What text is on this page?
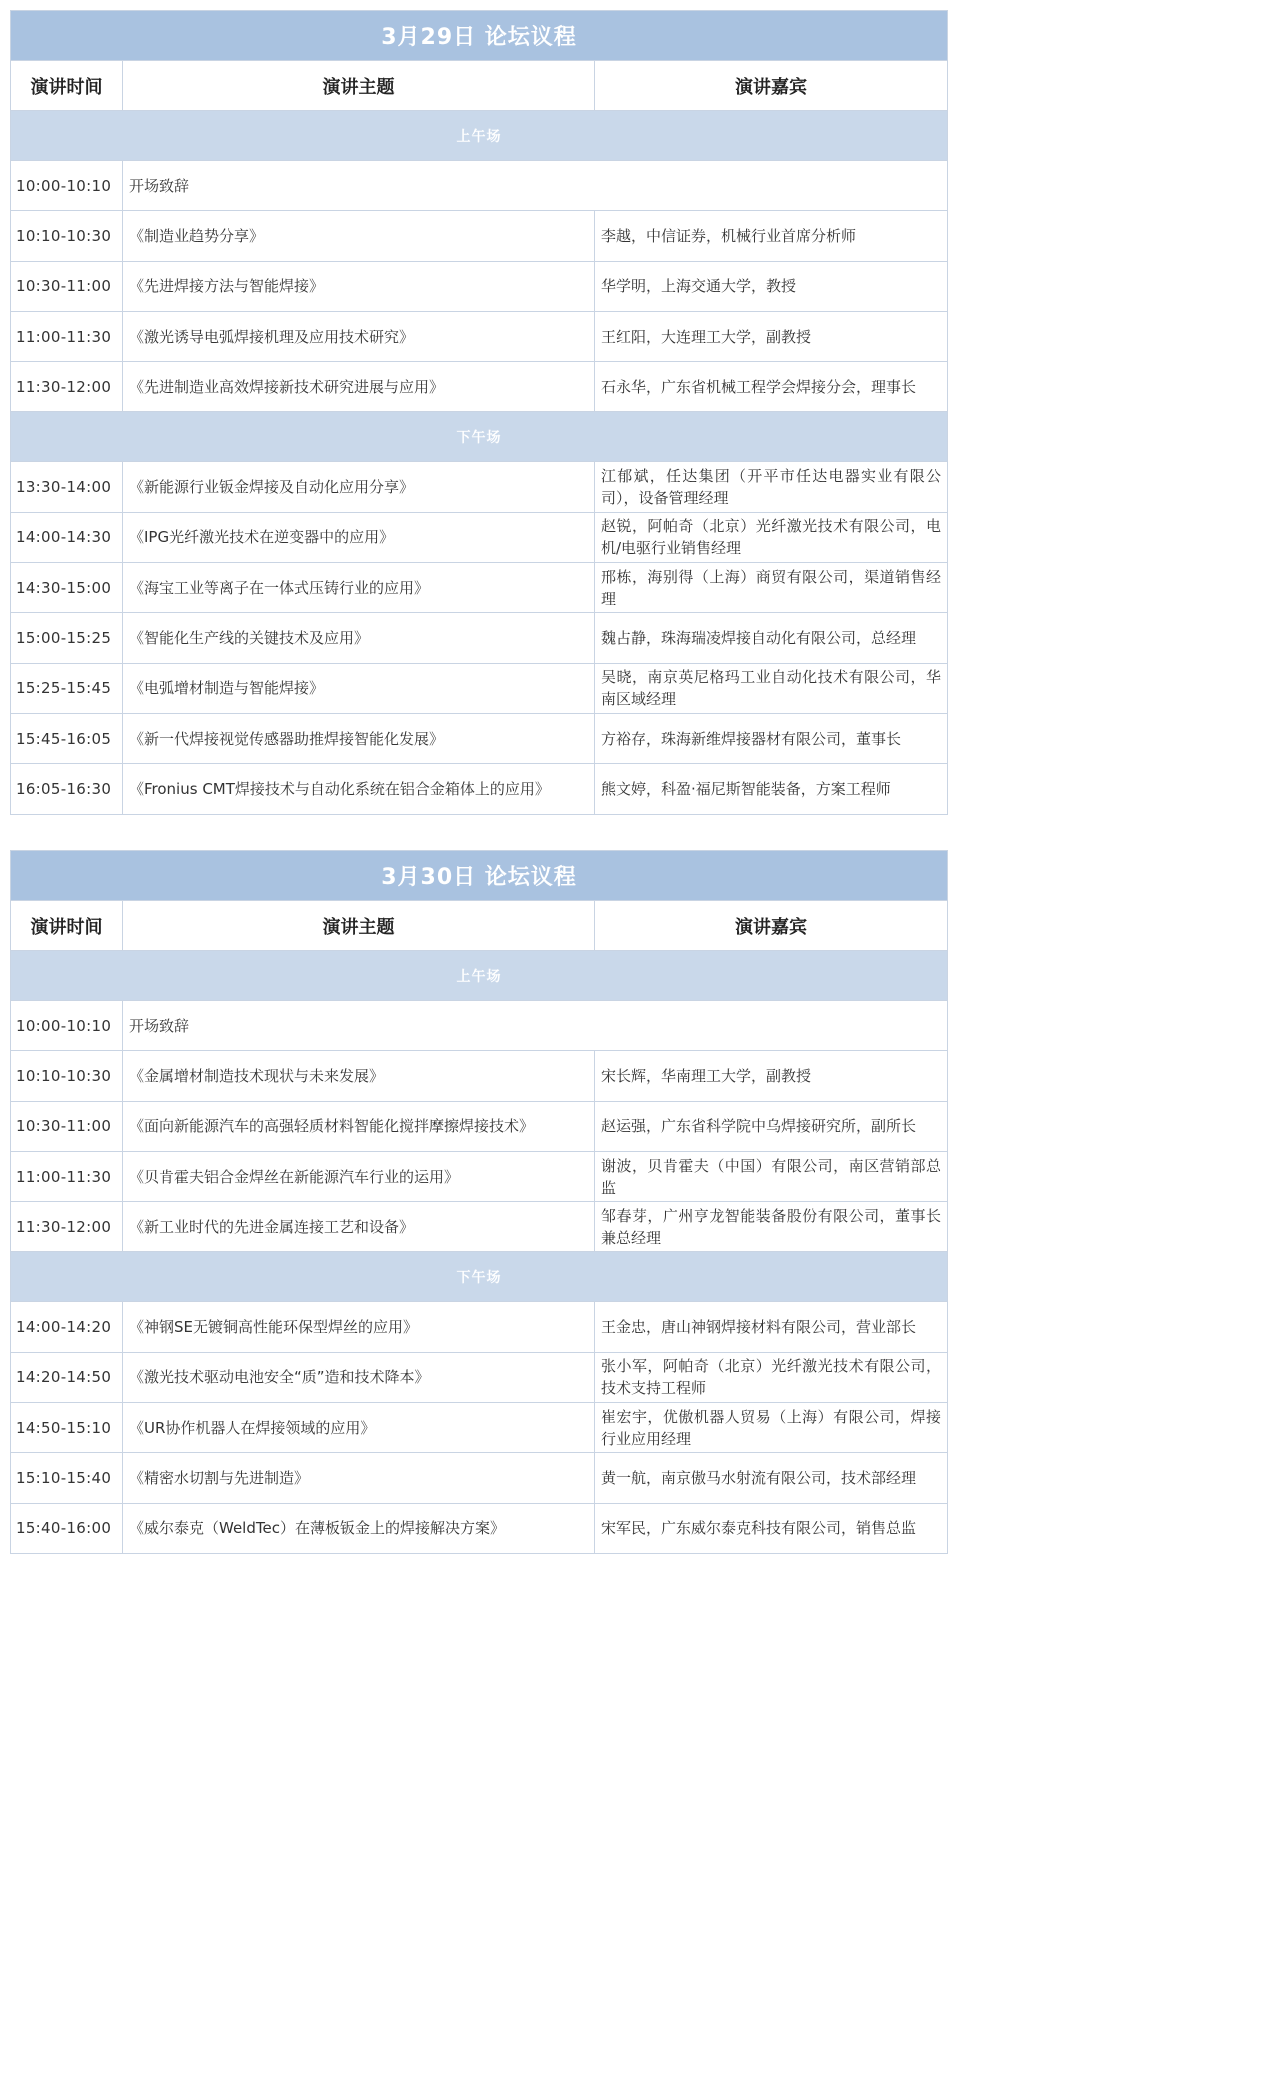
3月29日 论坛议程		
演讲时间	演讲主题	演讲嘉宾
上午场		
10:00-10:10	开场致辞	
10:10-10:30	《制造业趋势分享》	李越，中信证券，机械行业首席分析师
10:30-11:00	《先进焊接方法与智能焊接》	华学明，上海交通大学，教授
11:00-11:30	《激光诱导电弧焊接机理及应用技术研究》	王红阳，大连理工大学，副教授
11:30-12:00	《先进制造业高效焊接新技术研究进展与应用》	石永华，广东省机械工程学会焊接分会，理事长
下午场		
13:30-14:00	《新能源行业钣金焊接及自动化应用分享》	江郁斌，任达集团（开平市任达电器实业有限公司），设备管理经理
14:00-14:30	《IPG光纤激光技术在逆变器中的应用》	赵锐，阿帕奇（北京）光纤激光技术有限公司，电机/电驱行业销售经理
14:30-15:00	《海宝工业等离子在一体式压铸行业的应用》	邢栋，海别得（上海）商贸有限公司，渠道销售经理
15:00-15:25	《智能化生产线的关键技术及应用》	魏占静，珠海瑞凌焊接自动化有限公司，总经理
15:25-15:45	《电弧增材制造与智能焊接》	吴晓，南京英尼格玛工业自动化技术有限公司，华南区域经理
15:45-16:05	《新一代焊接视觉传感器助推焊接智能化发展》	方裕存，珠海新维焊接器材有限公司，董事长
16:05-16:30	《Fronius CMT焊接技术与自动化系统在铝合金箱体上的应用》	熊文婷，科盈·福尼斯智能装备，方案工程师
3月30日 论坛议程		
演讲时间	演讲主题	演讲嘉宾
上午场		
10:00-10:10	开场致辞	
10:10-10:30	《金属增材制造技术现状与未来发展》	宋长辉，华南理工大学，副教授
10:30-11:00	《面向新能源汽车的高强轻质材料智能化搅拌摩擦焊接技术》	赵运强，广东省科学院中乌焊接研究所，副所长
11:00-11:30	《贝肯霍夫铝合金焊丝在新能源汽车行业的运用》	谢波，贝肯霍夫（中国）有限公司，南区营销部总监
11:30-12:00	《新工业时代的先进金属连接工艺和设备》	邹春芽，广州亨龙智能装备股份有限公司，董事长兼总经理
下午场		
14:00-14:20	《神钢SE无镀铜高性能环保型焊丝的应用》	王金忠，唐山神钢焊接材料有限公司，营业部长
14:20-14:50	《激光技术驱动电池安全“质”造和技术降本》	张小军，阿帕奇（北京）光纤激光技术有限公司，技术支持工程师
14:50-15:10	《UR协作机器人在焊接领域的应用》	崔宏宇，优傲机器人贸易（上海）有限公司，焊接行业应用经理
15:10-15:40	《精密水切割与先进制造》	黄一航，南京傲马水射流有限公司，技术部经理
15:40-16:00	《威尔泰克（WeldTec）在薄板钣金上的焊接解决方案》	宋军民，广东威尔泰克科技有限公司，销售总监
